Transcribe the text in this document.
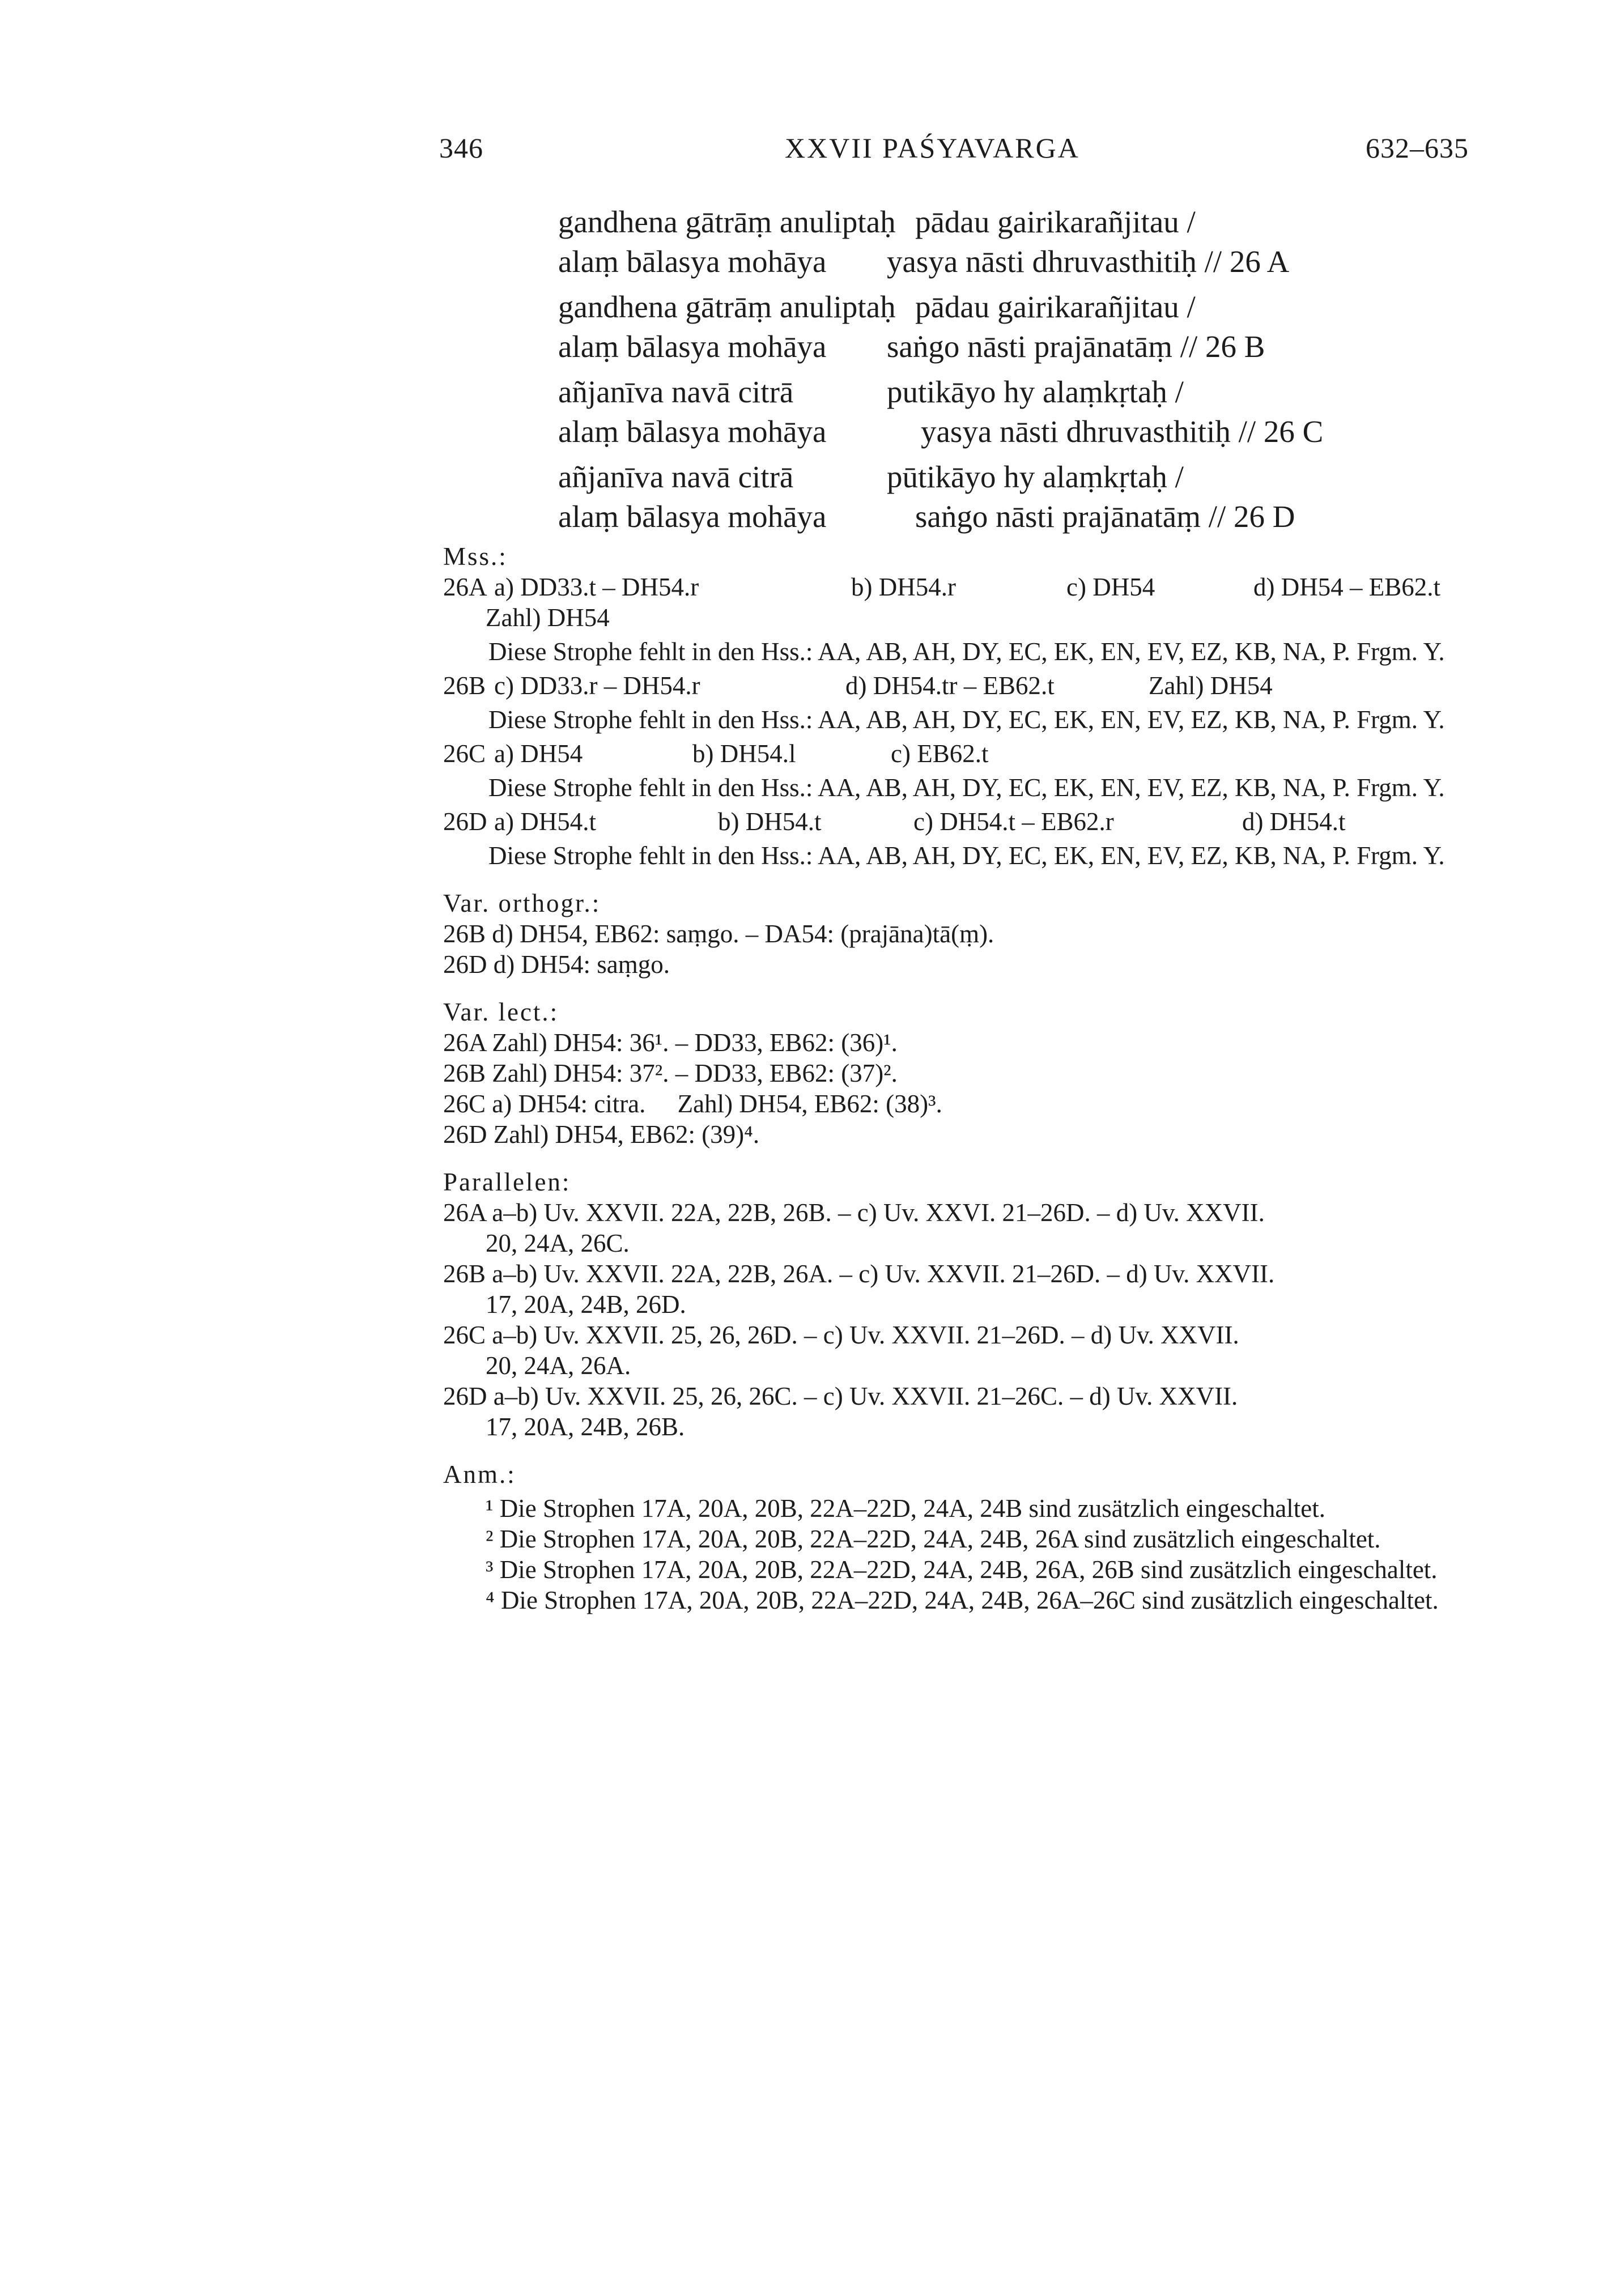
346	XXVII PAŚYAVARGA	632–635
gandhena gātrāṃ anuliptaḥ pādau gairikarañjitau /
alaṃ bālasya mohāya yasya nāsti dhruvasthitiḥ // 26 A
gandhena gātrāṃ anuliptaḥ pādau gairikarañjitau /
alaṃ bālasya mohāya saṅgo nāsti prajānatāṃ // 26 B
añjanīva navā citrā	putikāyo hy alaṃkṛtaḥ /
alaṃ bālasya mohāya	yasya nāsti dhruvasthitiḥ // 26 C
añjanīva navā citrā	pūtikāyo hy alaṃkṛtaḥ /
alaṃ bālasya mohāya	saṅgo nāsti prajānatāṃ // 26 D
Mss.:
26A a) DD33.t – DH54.r	b) DH54.r	c) DH54	d) DH54 – EB62.t
Zahl) DH54
Diese Strophe fehlt in den Hss.: AA, AB, AH, DY, EC, EK, EN, EV, EZ, KB, NA, P. Frgm. Y.
26B c) DD33.r – DH54.r	d) DH54.tr – EB62.t	Zahl) DH54
Diese Strophe fehlt in den Hss.: AA, AB, AH, DY, EC, EK, EN, EV, EZ, KB, NA, P. Frgm. Y.
26C a) DH54	b) DH54.l	c) EB62.t
Diese Strophe fehlt in den Hss.: AA, AB, AH, DY, EC, EK, EN, EV, EZ, KB, NA, P. Frgm. Y.
26D a) DH54.t	b) DH54.t	c) DH54.t – EB62.r	d) DH54.t
Diese Strophe fehlt in den Hss.: AA, AB, AH, DY, EC, EK, EN, EV, EZ, KB, NA, P. Frgm. Y.
Var. orthogr.:
26B d) DH54, EB62: saṃgo. – DA54: (prajāna)tā(ṃ).
26D d) DH54: saṃgo.
Var. lect.:
26A Zahl) DH54: 36¹. – DD33, EB62: (36)¹.
26B Zahl) DH54: 37². – DD33, EB62: (37)².
26C a) DH54: citra.     Zahl) DH54, EB62: (38)³.
26D Zahl) DH54, EB62: (39)⁴.
Parallelen:
26A a–b) Uv. XXVII. 22A, 22B, 26B. – c) Uv. XXVI. 21–26D. – d) Uv. XXVII.
20, 24A, 26C.
26B a–b) Uv. XXVII. 22A, 22B, 26A. – c) Uv. XXVII. 21–26D. – d) Uv. XXVII.
17, 20A, 24B, 26D.
26C a–b) Uv. XXVII. 25, 26, 26D. – c) Uv. XXVII. 21–26D. – d) Uv. XXVII.
20, 24A, 26A.
26D a–b) Uv. XXVII. 25, 26, 26C. – c) Uv. XXVII. 21–26C. – d) Uv. XXVII.
17, 20A, 24B, 26B.
Anm.:
¹ Die Strophen 17A, 20A, 20B, 22A–22D, 24A, 24B sind zusätzlich eingeschaltet.
² Die Strophen 17A, 20A, 20B, 22A–22D, 24A, 24B, 26A sind zusätzlich eingeschaltet.
³ Die Strophen 17A, 20A, 20B, 22A–22D, 24A, 24B, 26A, 26B sind zusätzlich eingeschaltet.
⁴ Die Strophen 17A, 20A, 20B, 22A–22D, 24A, 24B, 26A–26C sind zusätzlich eingeschaltet.
